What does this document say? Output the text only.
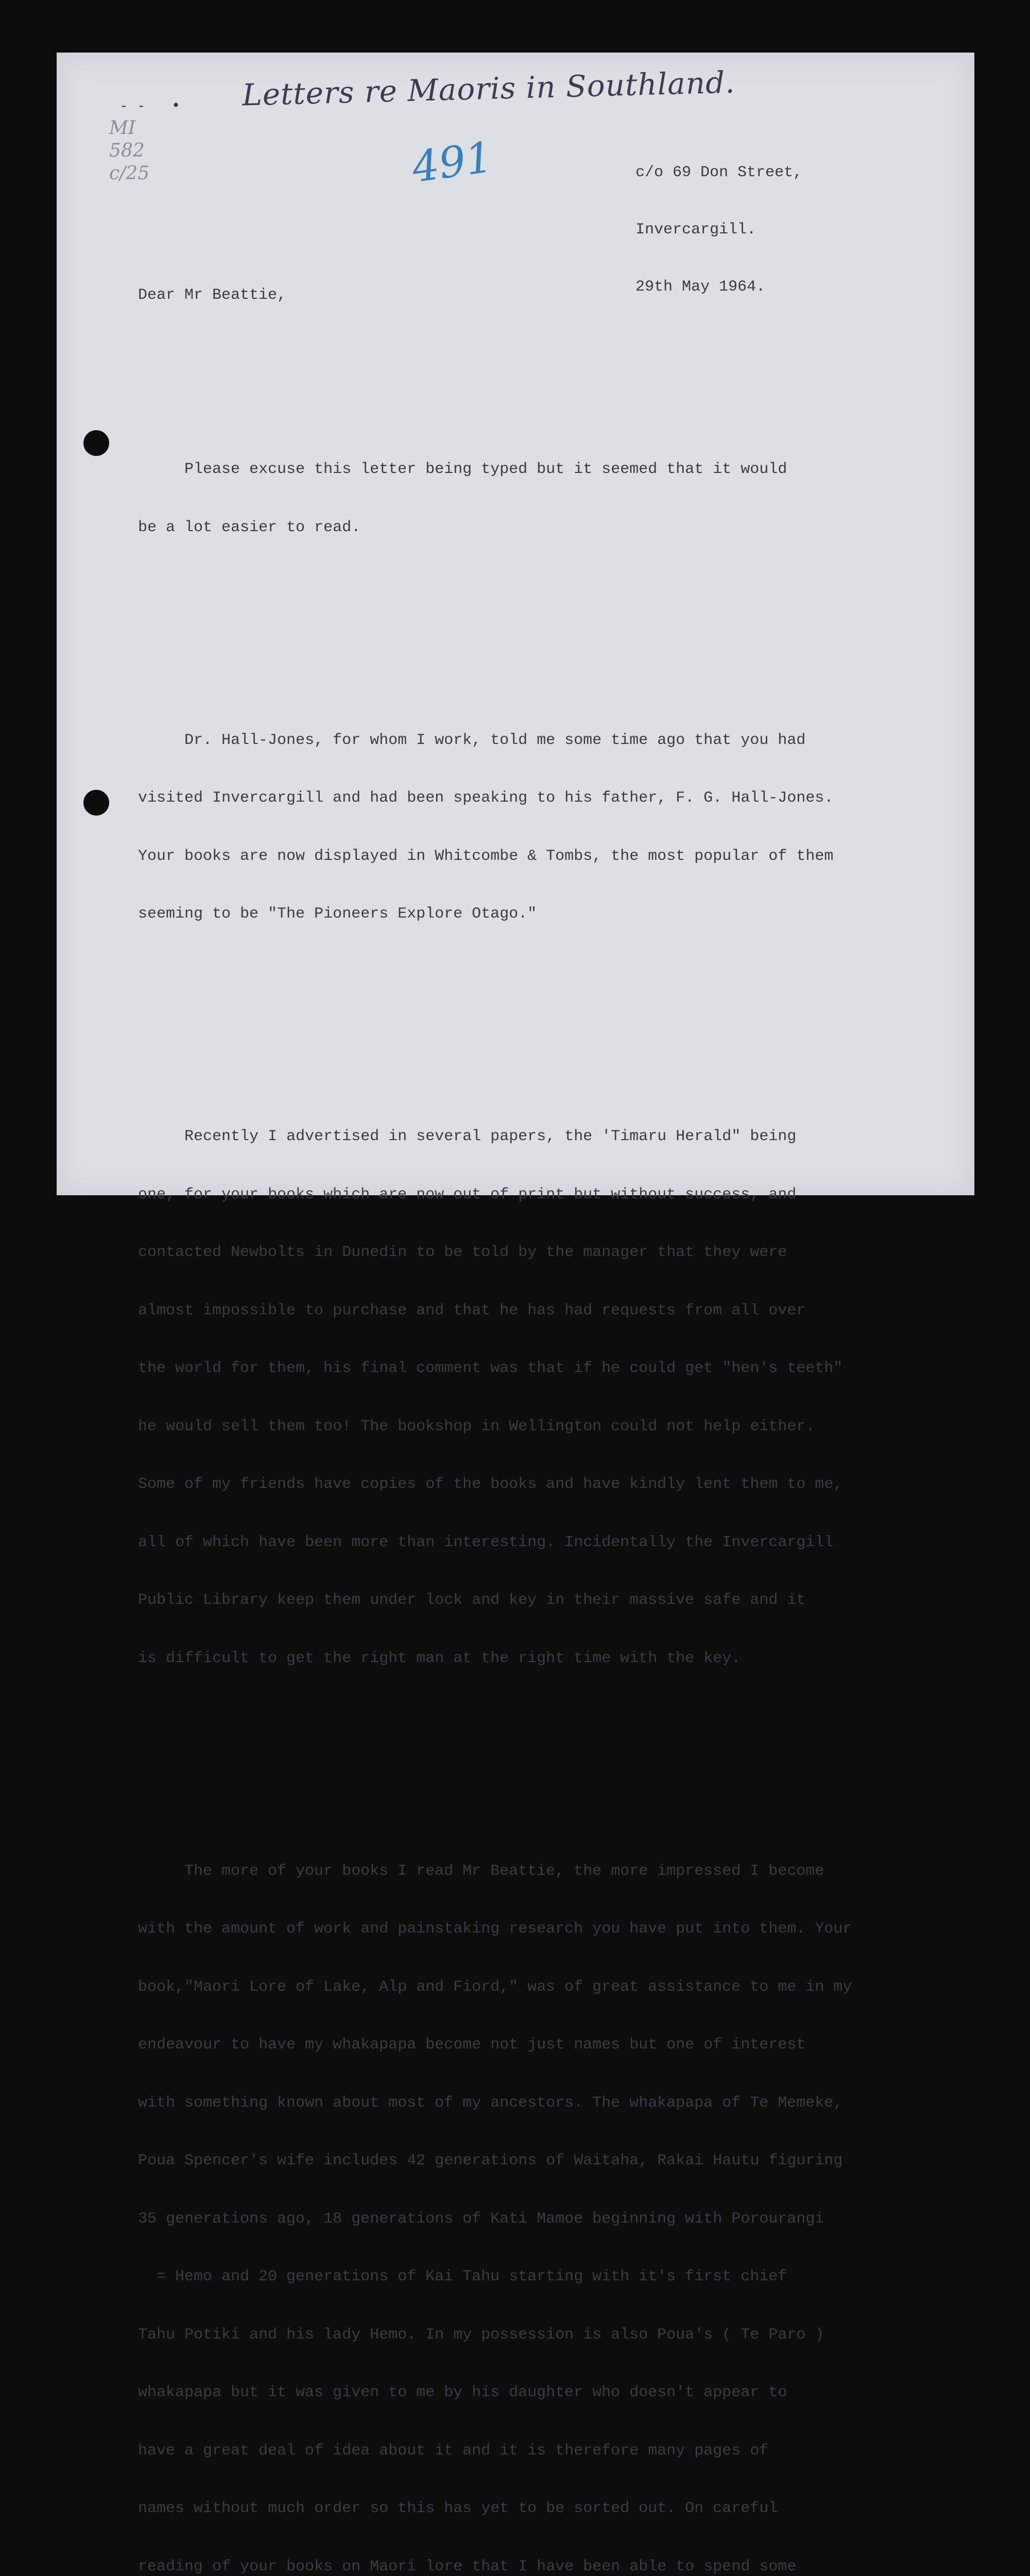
- -   • Letters re Maoris in Southland.
MI
582
c/25	491

	c/o 69 Don Street,

Invercargill.

29th May 1964.

Dear Mr Beattie,

Please excuse this letter being typed but it seemed that it would

be a lot easier to read.

Dr. Hall-Jones, for whom I work, told me some time ago that you had

visited Invercargill and had been speaking to his father, F. G. Hall-Jones.

Your books are now displayed in Whitcombe & Tombs, the most popular of them

seeming to be "The Pioneers Explore Otago."

Recently I advertised in several papers, the 'Timaru Herald" being

one, for your books which are now out of print but without success, and

contacted Newbolts in Dunedin to be told by the manager that they were

almost impossible to purchase and that he has had requests from all over

the world for them, his final comment was that if he could get "hen's teeth"

he would sell them too! The bookshop in Wellington could not help either.

Some of my friends have copies of the books and have kindly lent them to me,

all of which have been more than interesting. Incidentally the Invercargill

Public Library keep them under lock and key in their massive safe and it

is difficult to get the right man at the right time with the key.

The more of your books I read Mr Beattie, the more impressed I become

with the amount of work and painstaking research you have put into them. Your

book,"Maori Lore of Lake, Alp and Fiord," was of great assistance to me in my

endeavour to have my whakapapa become not just names but one of interest

with something known about most of my ancestors. The whakapapa of Te Memeke,

Poua Spencer's wife includes 42 generations of Waitaha, Rakai Hautu figuring

35 generations ago, 18 generations of Kati Mamoe beginning with Porourangi

= Hemo and 20 generations of Kai Tahu starting with it's first chief

Tahu Potiki and his lady Hemo. In my possession is also Poua's ( Te Paro )

whakapapa but it was given to me by his daughter who doesn't appear to

have a great deal of idea about it and it is therefore many pages of

names without much order so this has yet to be sorted out. On careful

reading of your books on Maori lore that I have been able to spend some
